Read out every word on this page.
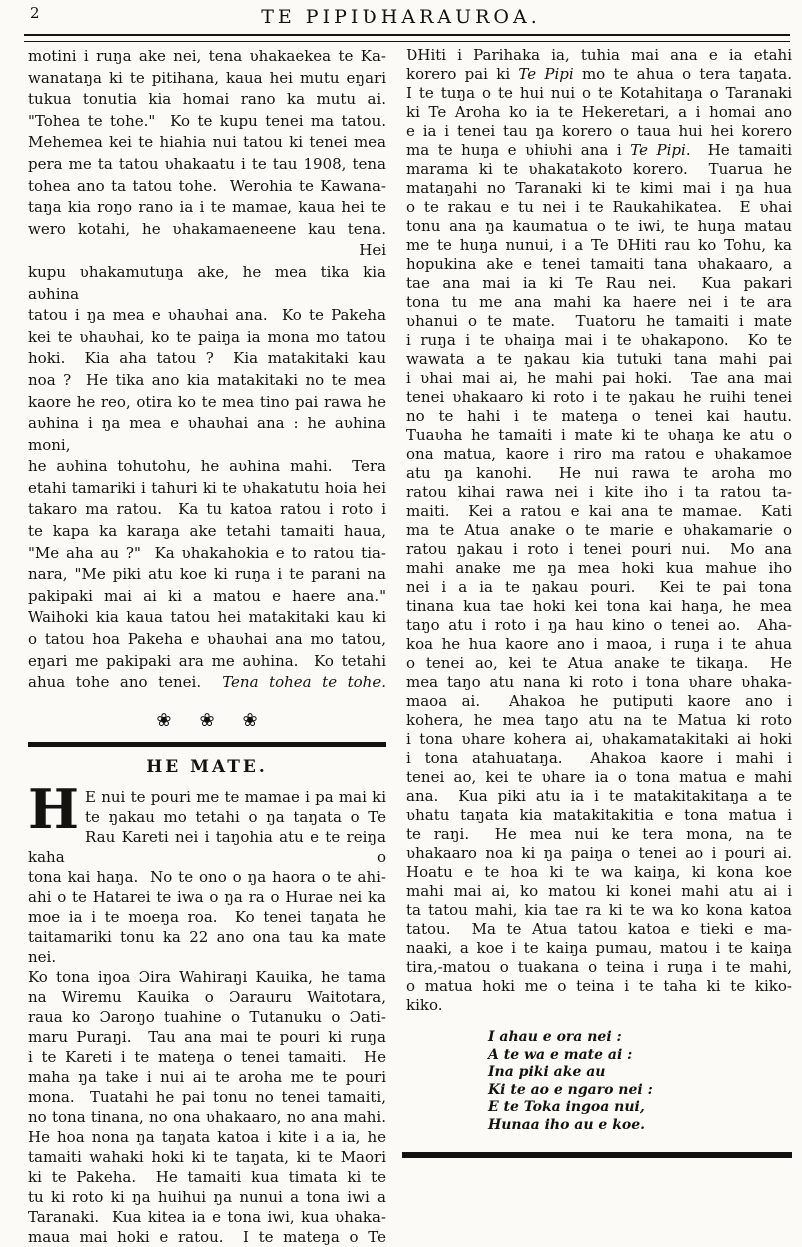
2	TE PIPIƲHARAUROA.
motini i ruŋa ake nei, tena ʋhakaekea te Ka-
wanataŋa ki te pitihana, kaua hei mutu eŋari
tukua tonutia kia homai rano ka mutu ai.
"Tohea te tohe."  Ko te kupu tenei ma tatou.
Mehemea kei te hiahia nui tatou ki tenei mea
pera me ta tatou ʋhakaatu i te tau 1908, tena
tohea ano ta tatou tohe.  Werohia te Kawana-
taŋa kia roŋo rano ia i te mamae, kaua hei te
wero kotahi, he ʋhakamaeneene kau tena.  Hei
kupu ʋhakamutuŋa ake, he mea tika kia aʋhina
tatou i ŋa mea e ʋhaʋhai ana.  Ko te Pakeha
kei te ʋhaʋhai, ko te paiŋa ia mona mo tatou
hoki.  Kia aha tatou ?  Kia matakitaki kau
noa ?  He tika ano kia matakitaki no te mea
kaore he reo, otira ko te mea tino pai rawa he
aʋhina i ŋa mea e ʋhaʋhai ana : he aʋhina moni,
he aʋhina tohutohu, he aʋhina mahi.  Tera
etahi tamariki i tahuri ki te ʋhakatutu hoia hei
takaro ma ratou.  Ka tu katoa ratou i roto i
te kapa ka karaŋa ake tetahi tamaiti haua,
"Me aha au ?"  Ka ʋhakahokia e to ratou tia-
nara, "Me piki atu koe ki ruŋa i te parani na
pakipaki mai ai ki a matou e haere ana."
Waihoki kia kaua tatou hei matakitaki kau ki
o tatou hoa Pakeha e ʋhaʋhai ana mo tatou,
eŋari me pakipaki ara me aʋhina.  Ko tetahi
ahua tohe ano tenei.  Tena tohea te tohe.
❀ ❀ ❀
HE MATE.
H E nui te pouri me te mamae i pa mai ki
te ŋakau mo tetahi o ŋa taŋata o Te
Rau Kareti nei i taŋohia atu e te reiŋa kaha o
tona kai haŋa.  No te ono o ŋa haora o te ahi-
ahi o te Hatarei te iwa o ŋa ra o Hurae nei ka
moe ia i te moeŋa roa.  Ko tenei taŋata he
taitamariki tonu ka 22 ano ona tau ka mate nei.
Ko tona iŋoa Ɔira Wahiraŋi Kauika, he tama
na Wiremu Kauika o Ɔarauru Waitotara,
raua ko Ɔaroŋo tuahine o Tutanuku o Ɔati-
maru Puraŋi.  Tau ana mai te pouri ki ruŋa
i te Kareti i te mateŋa o tenei tamaiti.  He
maha ŋa take i nui ai te aroha me te pouri
mona.  Tuatahi he pai tonu no tenei tamaiti,
no tona tinana, no ona ʋhakaaro, no ana mahi.
He hoa nona ŋa taŋata katoa i kite i a ia, he
tamaiti wahaki hoki ki te taŋata, ki te Maori
ki te Pakeha.  He tamaiti kua timata ki te
tu ki roto ki ŋa huihui ŋa nunui a tona iwi a
Taranaki.  Kua kitea ia e tona iwi, kua ʋhaka-
maua mai hoki e ratou.  I te mateŋa o Te
ƲHiti i Parihaka ia, tuhia mai ana e ia etahi
korero pai ki Te Pipi mo te ahua o tera taŋata.
I te tuŋa o te hui nui o te Kotahitaŋa o Taranaki
ki Te Aroha ko ia te Hekeretari, a i homai ano
e ia i tenei tau ŋa korero o taua hui hei korero
ma te huŋa e ʋhiʋhi ana i Te Pipi.  He tamaiti
marama ki te ʋhakatakoto korero.  Tuarua he
mataŋahi no Taranaki ki te kimi mai i ŋa hua
o te rakau e tu nei i te Raukahikatea.  E ʋhai
tonu ana ŋa kaumatua o te iwi, te huŋa matau
me te huŋa nunui, i a Te ƲHiti rau ko Tohu, ka
hopukina ake e tenei tamaiti tana ʋhakaaro, a
tae ana mai ia ki Te Rau nei.  Kua pakari
tona tu me ana mahi ka haere nei i te ara
ʋhanui o te mate.  Tuatoru he tamaiti i mate
i ruŋa i te ʋhaiŋa mai i te ʋhakapono.  Ko te
wawata a te ŋakau kia tutuki tana mahi pai
i ʋhai mai ai, he mahi pai hoki.  Tae ana mai
tenei ʋhakaaro ki roto i te ŋakau he ruihi tenei
no te hahi i te mateŋa o tenei kai hautu.
Tuaʋha he tamaiti i mate ki te ʋhaŋa ke atu o
ona matua, kaore i riro ma ratou e ʋhakamoe
atu ŋa kanohi.  He nui rawa te aroha mo
ratou kihai rawa nei i kite iho i ta ratou ta-
maiti.  Kei a ratou e kai ana te mamae.  Kati
ma te Atua anake o te marie e ʋhakamarie o
ratou ŋakau i roto i tenei pouri nui.  Mo ana
mahi anake me ŋa mea hoki kua mahue iho
nei i a ia te ŋakau pouri.  Kei te pai tona
tinana kua tae hoki kei tona kai haŋa, he mea
taŋo atu i roto i ŋa hau kino o tenei ao.  Aha-
koa he hua kaore ano i maoa, i ruŋa i te ahua
o tenei ao, kei te Atua anake te tikaŋa.  He
mea taŋo atu nana ki roto i tona ʋhare ʋhaka-
maoa ai.  Ahakoa he putiputi kaore ano i
kohera, he mea taŋo atu na te Matua ki roto
i tona ʋhare kohera ai, ʋhakamatakitaki ai hoki
i tona atahuataŋa.  Ahakoa kaore i mahi i
tenei ao, kei te ʋhare ia o tona matua e mahi
ana.  Kua piki atu ia i te matakitakitaŋa a te
ʋhatu taŋata kia matakitakitia e tona matua i
te raŋi.  He mea nui ke tera mona, na te
ʋhakaaro noa ki ŋa paiŋa o tenei ao i pouri ai.
Hoatu e te hoa ki te wa kaiŋa, ki kona koe
mahi mai ai, ko matou ki konei mahi atu ai i
ta tatou mahi, kia tae ra ki te wa ko kona katoa
tatou.  Ma te Atua tatou katoa e tieki e ma-
naaki, a koe i te kaiŋa pumau, matou i te kaiŋa
tira,-matou o tuakana o teina i ruŋa i te mahi,
o matua hoki me o teina i te taha ki te kiko-
kiko.
I ahau e ora nei :
A te wa e mate ai :
Ina piki ake au
Ki te ao e ngaro nei :
E te Toka ingoa nui,
Hunaa iho au e koe.
